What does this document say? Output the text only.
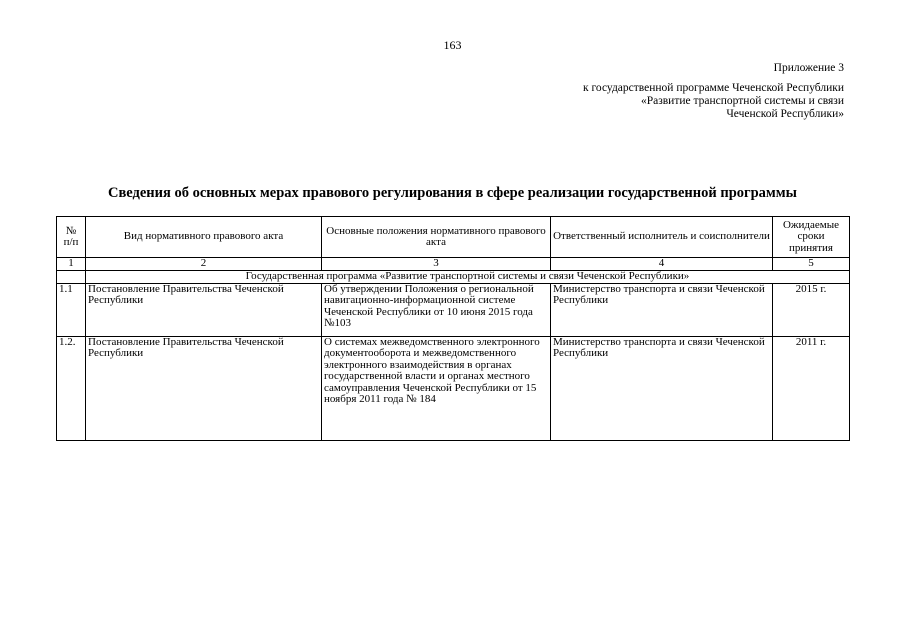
163
Приложение 3
к государственной программе Чеченской Республики
«Развитие транспортной системы и связи
Чеченской Республики»
Сведения об основных мерах правового регулирования в сфере реализации государственной программы
№
п/п	Вид нормативного правового акта	Основные положения нормативного правового акта	Ответственный исполнитель и соисполнители	Ожидаемые сроки принятия
1	2	3	4	5
	Государственная программа «Развитие транспортной системы и связи Чеченской Республики»			
1.1	Постановление Правительства Чеченской Республики	Об утверждении Положения о региональной навигационно-информационной системе Чеченской Республики от 10 июня 2015 года №103	Министерство транспорта и связи Чеченской Республики	2015 г.
1.2.	Постановление Правительства Чеченской Республики	О системах межведомственного электронного документооборота и межведомственного электронного взаимодействия в органах государственной власти и органах местного самоуправления Чеченской Республики от 15 ноября 2011 года № 184	Министерство транспорта и связи Чеченской Республики	2011 г.
